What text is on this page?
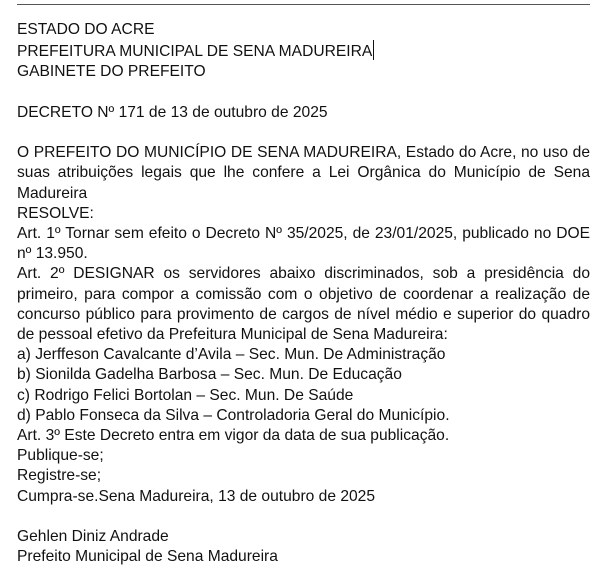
ESTADO DO ACRE
PREFEITURA MUNICIPAL DE SENA MADUREIRA
GABINETE DO PREFEITO
DECRETO Nº 171 de 13 de outubro de 2025
O PREFEITO DO MUNICÍPIO DE SENA MADUREIRA, Estado do Acre, no uso de suas atribuições legais que lhe confere a Lei Orgânica do Município de Sena Madureira
RESOLVE:
Art. 1º Tornar sem efeito o Decreto Nº 35/2025, de 23/01/2025, publicado no DOE nº 13.950.
Art. 2º DESIGNAR os servidores abaixo discriminados, sob a presidência do primeiro, para compor a comissão com o objetivo de coordenar a realização de concurso público para provimento de cargos de nível médio e superior do quadro de pessoal efetivo da Prefeitura Municipal de Sena Madureira:
a) Jerffeson Cavalcante d’Avila – Sec. Mun. De Administração
b) Sionilda Gadelha Barbosa – Sec. Mun. De Educação
c) Rodrigo Felici Bortolan – Sec. Mun. De Saúde
d) Pablo Fonseca da Silva – Controladoria Geral do Município.
Art. 3º Este Decreto entra em vigor da data de sua publicação.
Publique-se;
Registre-se;
Cumpra-se.Sena Madureira, 13 de outubro de 2025
Gehlen Diniz Andrade
Prefeito Municipal de Sena Madureira
